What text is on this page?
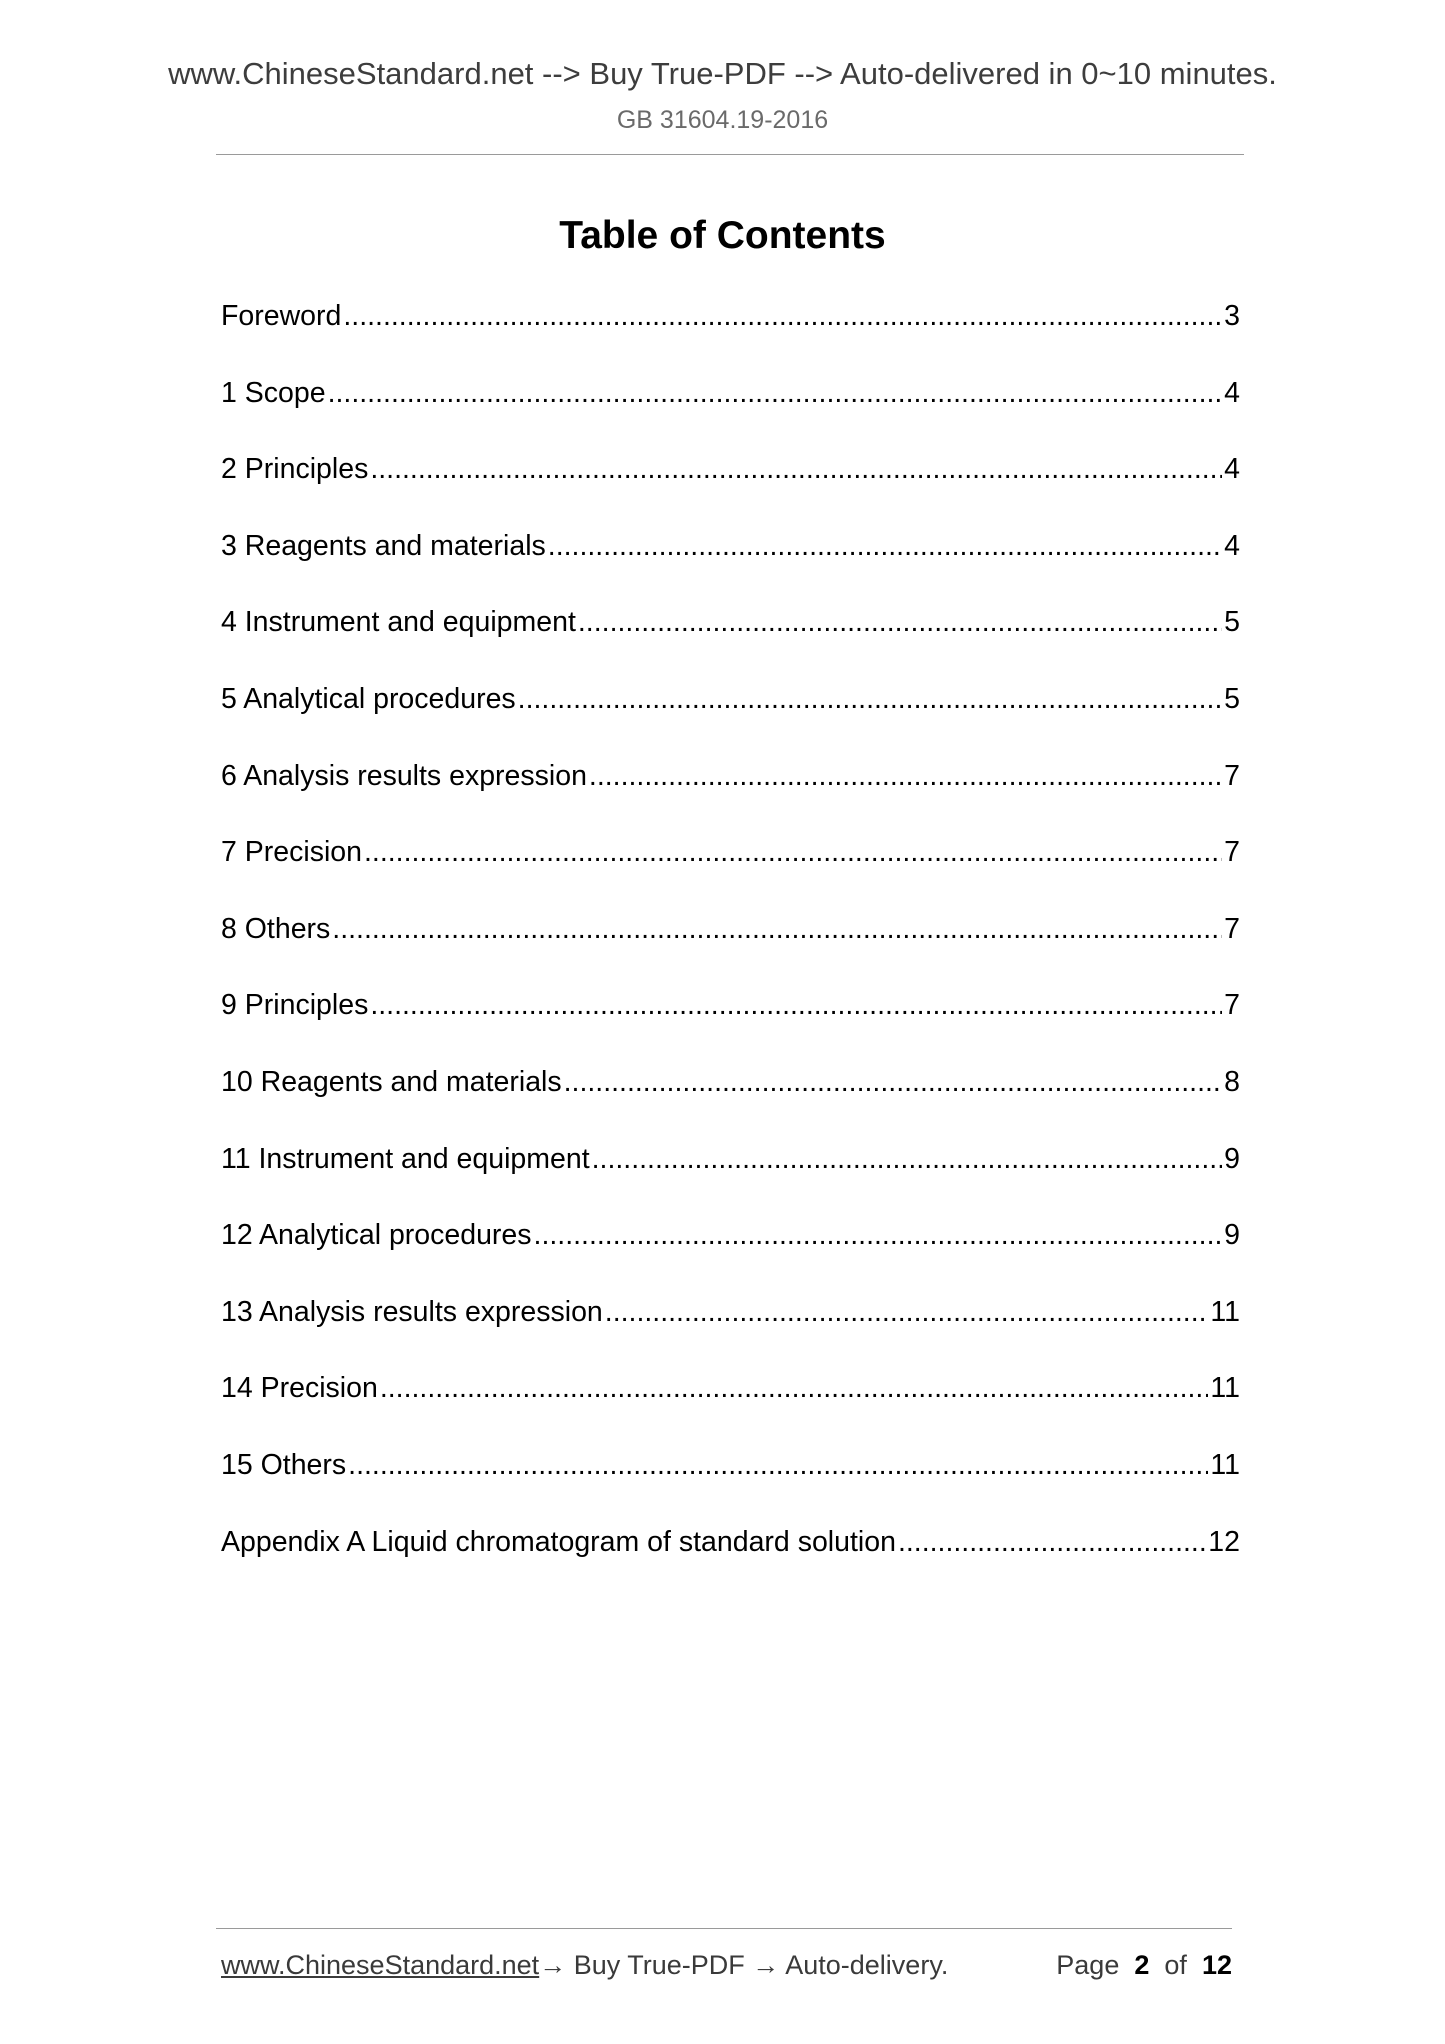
www.ChineseStandard.net --> Buy True-PDF --> Auto-delivered in 0~10 minutes.
GB 31604.19-2016
Table of Contents
Foreword .....	3
1 Scope .....	4
2 Principles .....	4
3 Reagents and materials .....	4
4 Instrument and equipment .....	5
5 Analytical procedures .....	5
6 Analysis results expression .....	7
7 Precision .....	7
8 Others .....	7
9 Principles .....	7
10 Reagents and materials .....	8
11 Instrument and equipment .....	9
12 Analytical procedures .....	9
13 Analysis results expression .....	11
14 Precision .....	11
15 Others .....	11
Appendix A Liquid chromatogram of standard solution .....	12
www.ChineseStandard.net→ Buy True-PDF → Auto-delivery.	Page 2 of 12
